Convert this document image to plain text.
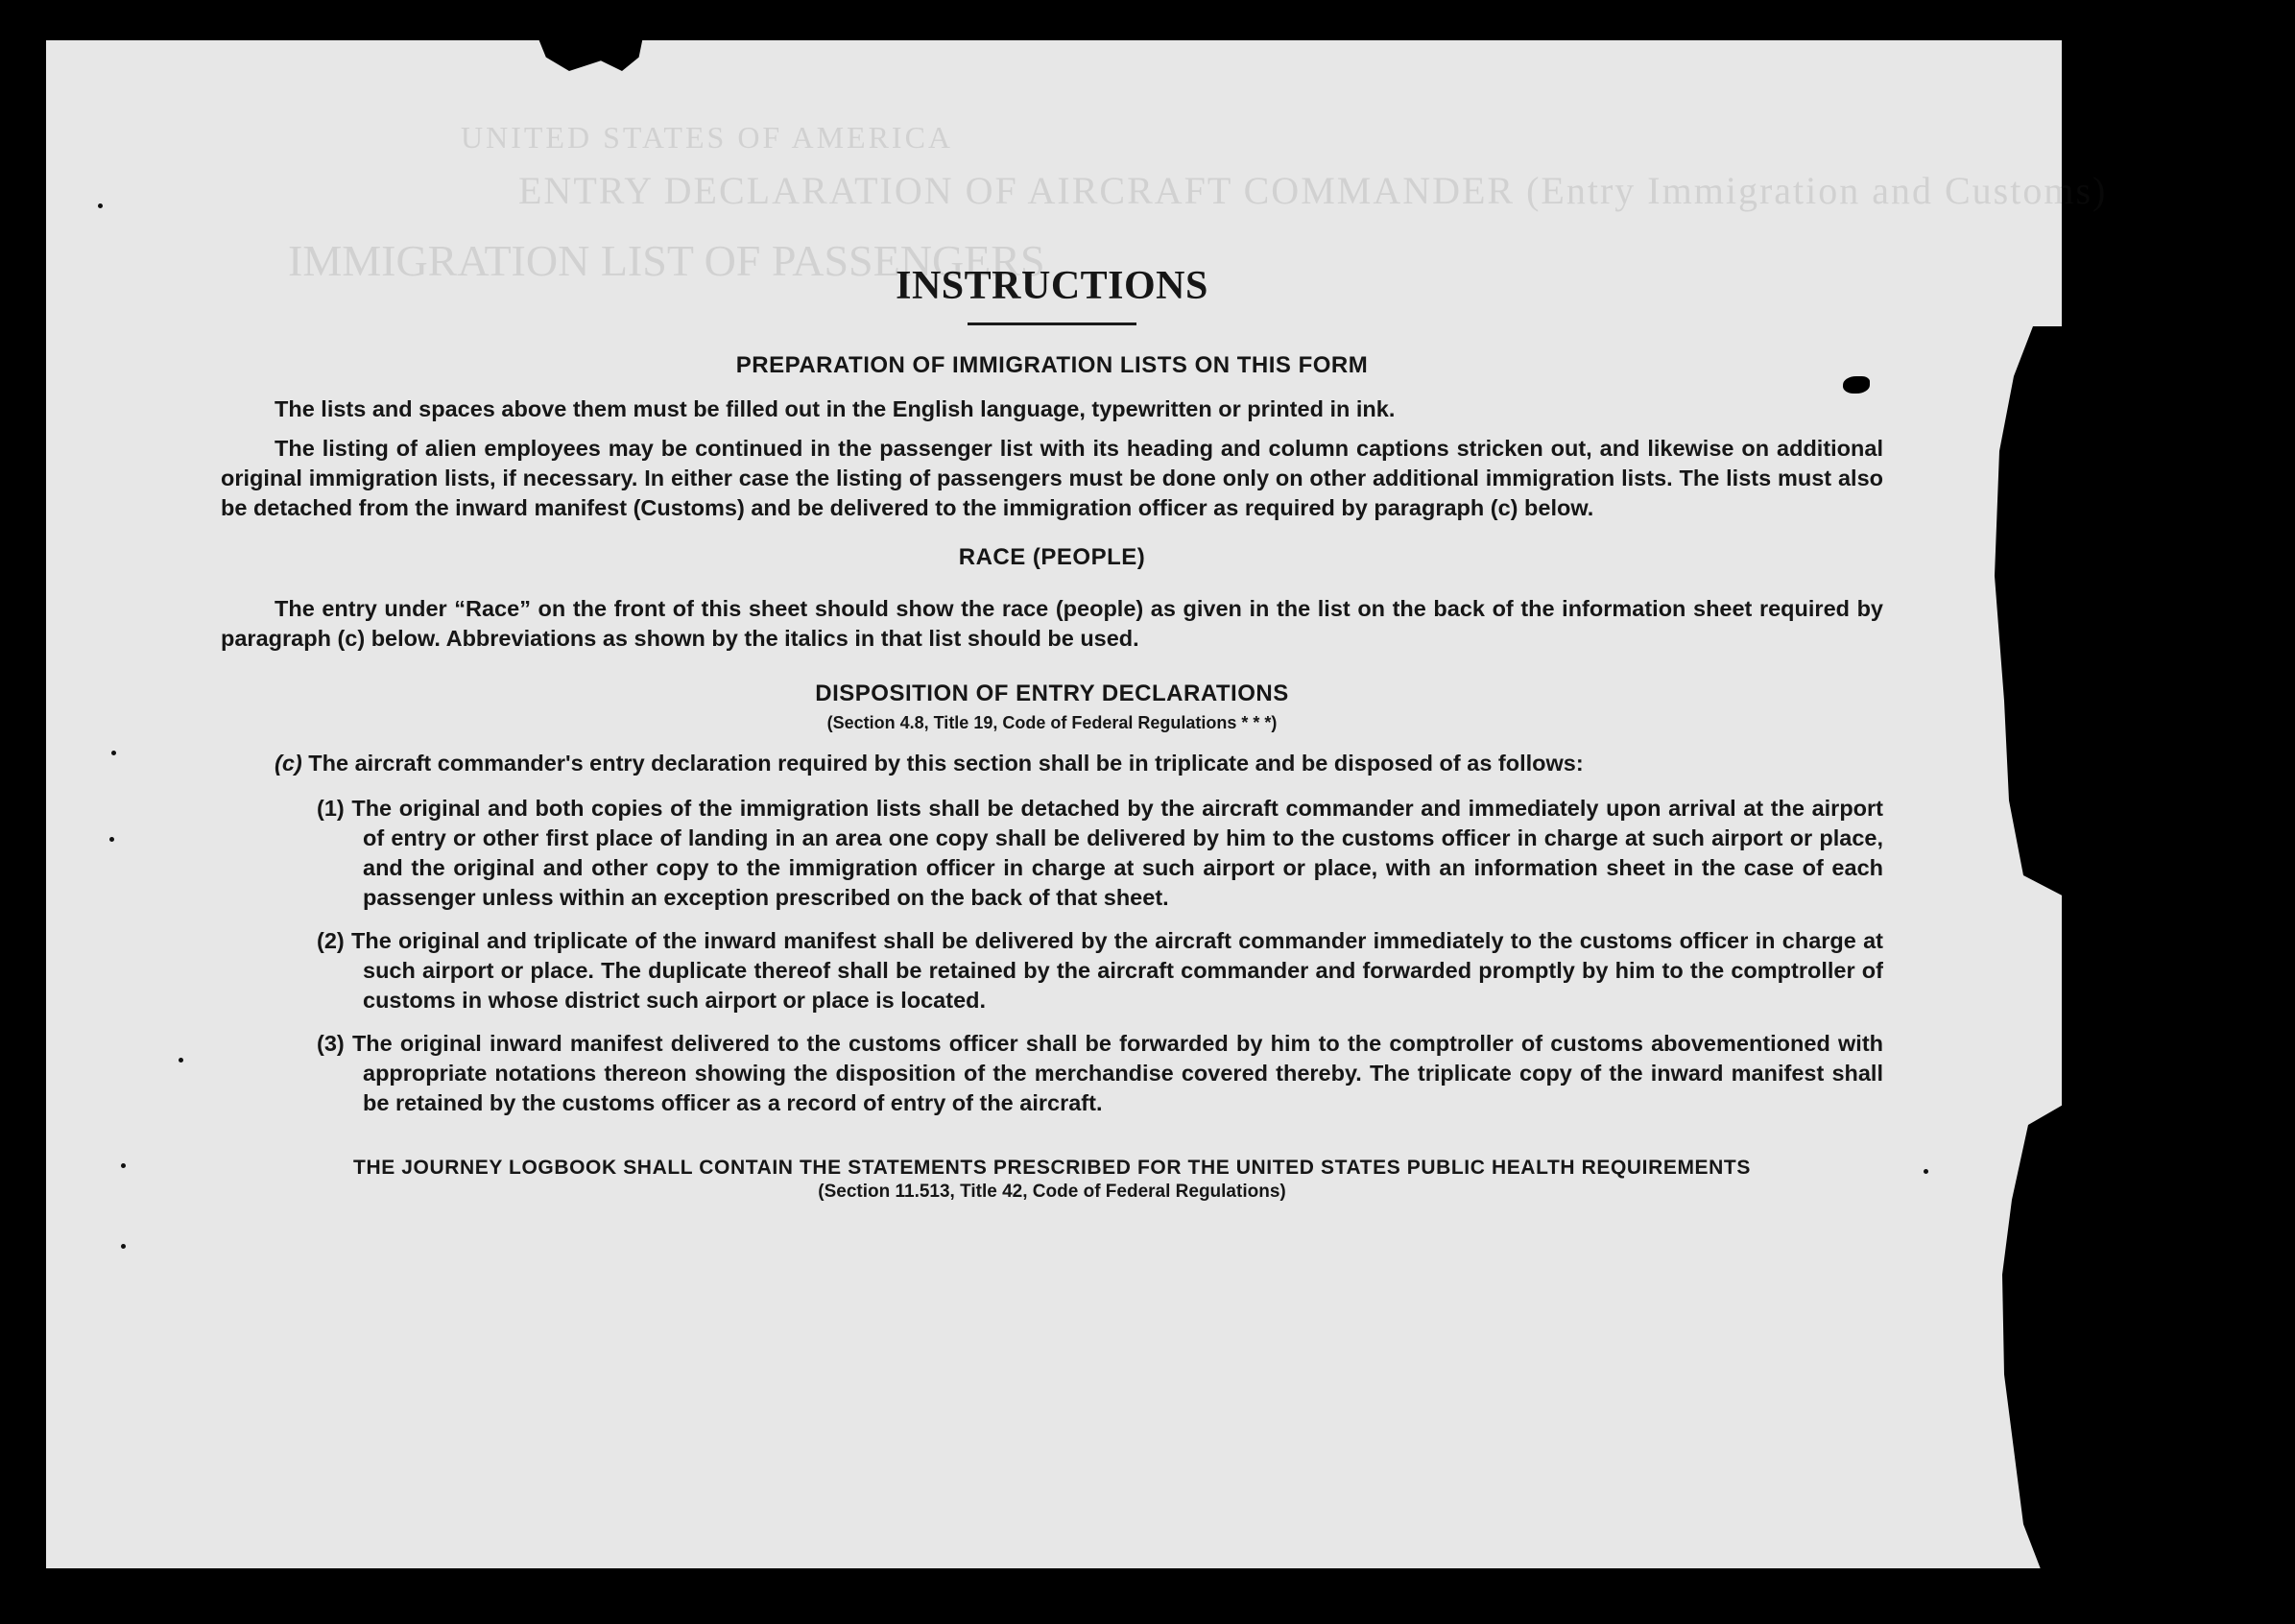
INSTRUCTIONS
PREPARATION OF IMMIGRATION LISTS ON THIS FORM

The lists and spaces above them must be filled out in the English language, typewritten or printed in ink.

The listing of alien employees may be continued in the passenger list with its heading and column captions stricken out, and likewise on additional original immigration lists, if necessary. In either case the listing of passengers must be done only on other additional immigration lists. The lists must also be detached from the inward manifest (Customs) and be delivered to the immigration officer as required by paragraph (c) below.

RACE (PEOPLE)

The entry under “Race” on the front of this sheet should show the race (people) as given in the list on the back of the information sheet required by paragraph (c) below. Abbreviations as shown by the italics in that list should be used.

DISPOSITION OF ENTRY DECLARATIONS
(Section 4.8, Title 19, Code of Federal Regulations * * *)

(c) The aircraft commander's entry declaration required by this section shall be in triplicate and be disposed of as follows:

(1) The original and both copies of the immigration lists shall be detached by the aircraft commander and immediately upon arrival at the airport of entry or other first place of landing in an area one copy shall be delivered by him to the customs officer in charge at such airport or place, and the original and other copy to the immigration officer in charge at such airport or place, with an information sheet in the case of each passenger unless within an exception prescribed on the back of that sheet.

(2) The original and triplicate of the inward manifest shall be delivered by the aircraft commander immediately to the customs officer in charge at such airport or place. The duplicate thereof shall be retained by the aircraft commander and forwarded promptly by him to the comptroller of customs in whose district such airport or place is located.

(3) The original inward manifest delivered to the customs officer shall be forwarded by him to the comptroller of customs abovementioned with appropriate notations thereon showing the disposition of the merchandise covered thereby. The triplicate copy of the inward manifest shall be retained by the customs officer as a record of entry of the aircraft.

THE JOURNEY LOGBOOK SHALL CONTAIN THE STATEMENTS PRESCRIBED FOR THE UNITED STATES PUBLIC HEALTH REQUIREMENTS
(Section 11.513, Title 42, Code of Federal Regulations)
